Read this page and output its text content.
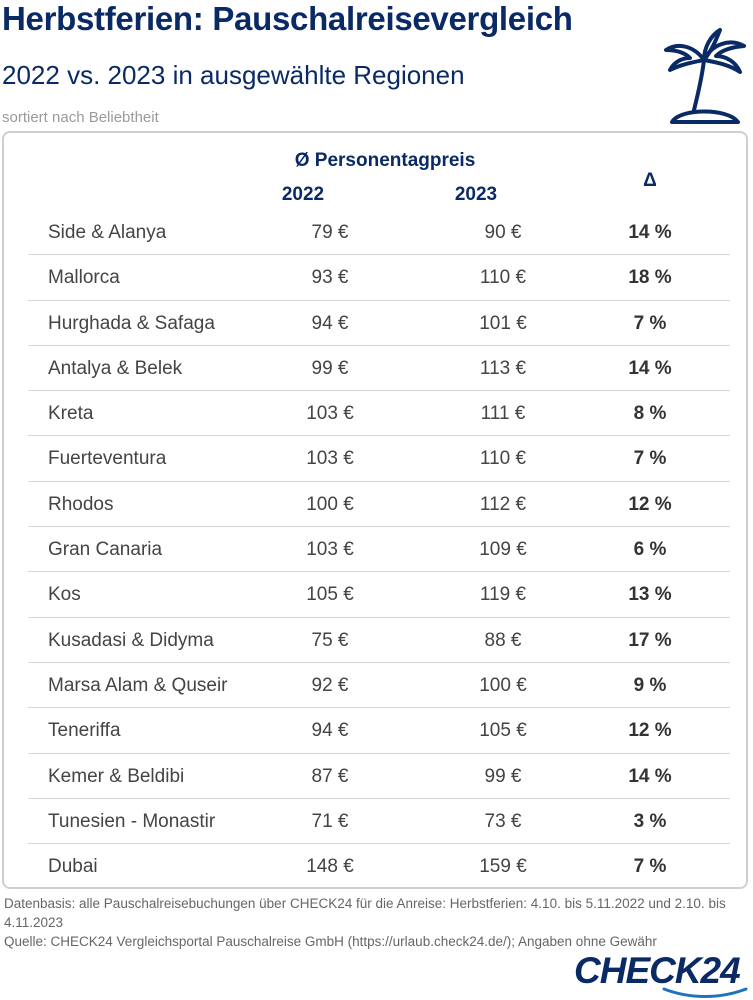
Herbstferien: Pauschalreisevergleich
2022 vs. 2023 in ausgewählte Regionen
sortiert nach Beliebtheit
Ø Personentagpreis
2022	2023
Δ
Side & Alanya	79 €	90 €	14 %
Mallorca	93 €	110 €	18 %
Hurghada & Safaga	94 €	101 €	7 %
Antalya & Belek	99 €	113 €	14 %
Kreta	103 €	111 €	8 %
Fuerteventura	103 €	110 €	7 %
Rhodos	100 €	112 €	12 %
Gran Canaria	103 €	109 €	6 %
Kos	105 €	119 €	13 %
Kusadasi & Didyma	75 €	88 €	17 %
Marsa Alam & Quseir	92 €	100 €	9 %
Teneriffa	94 €	105 €	12 %
Kemer & Beldibi	87 €	99 €	14 %
Tunesien - Monastir	71 €	73 €	3 %
Dubai	148 €	159 €	7 %

Datenbasis: alle Pauschalreisebuchungen über CHECK24 für die Anreise: Herbstferien: 4.10. bis 5.11.2022 und 2.10. bis 4.11.2023

Quelle: CHECK24 Vergleichsportal Pauschalreise GmbH (https://urlaub.check24.de/); Angaben ohne Gewähr

CHECK24
